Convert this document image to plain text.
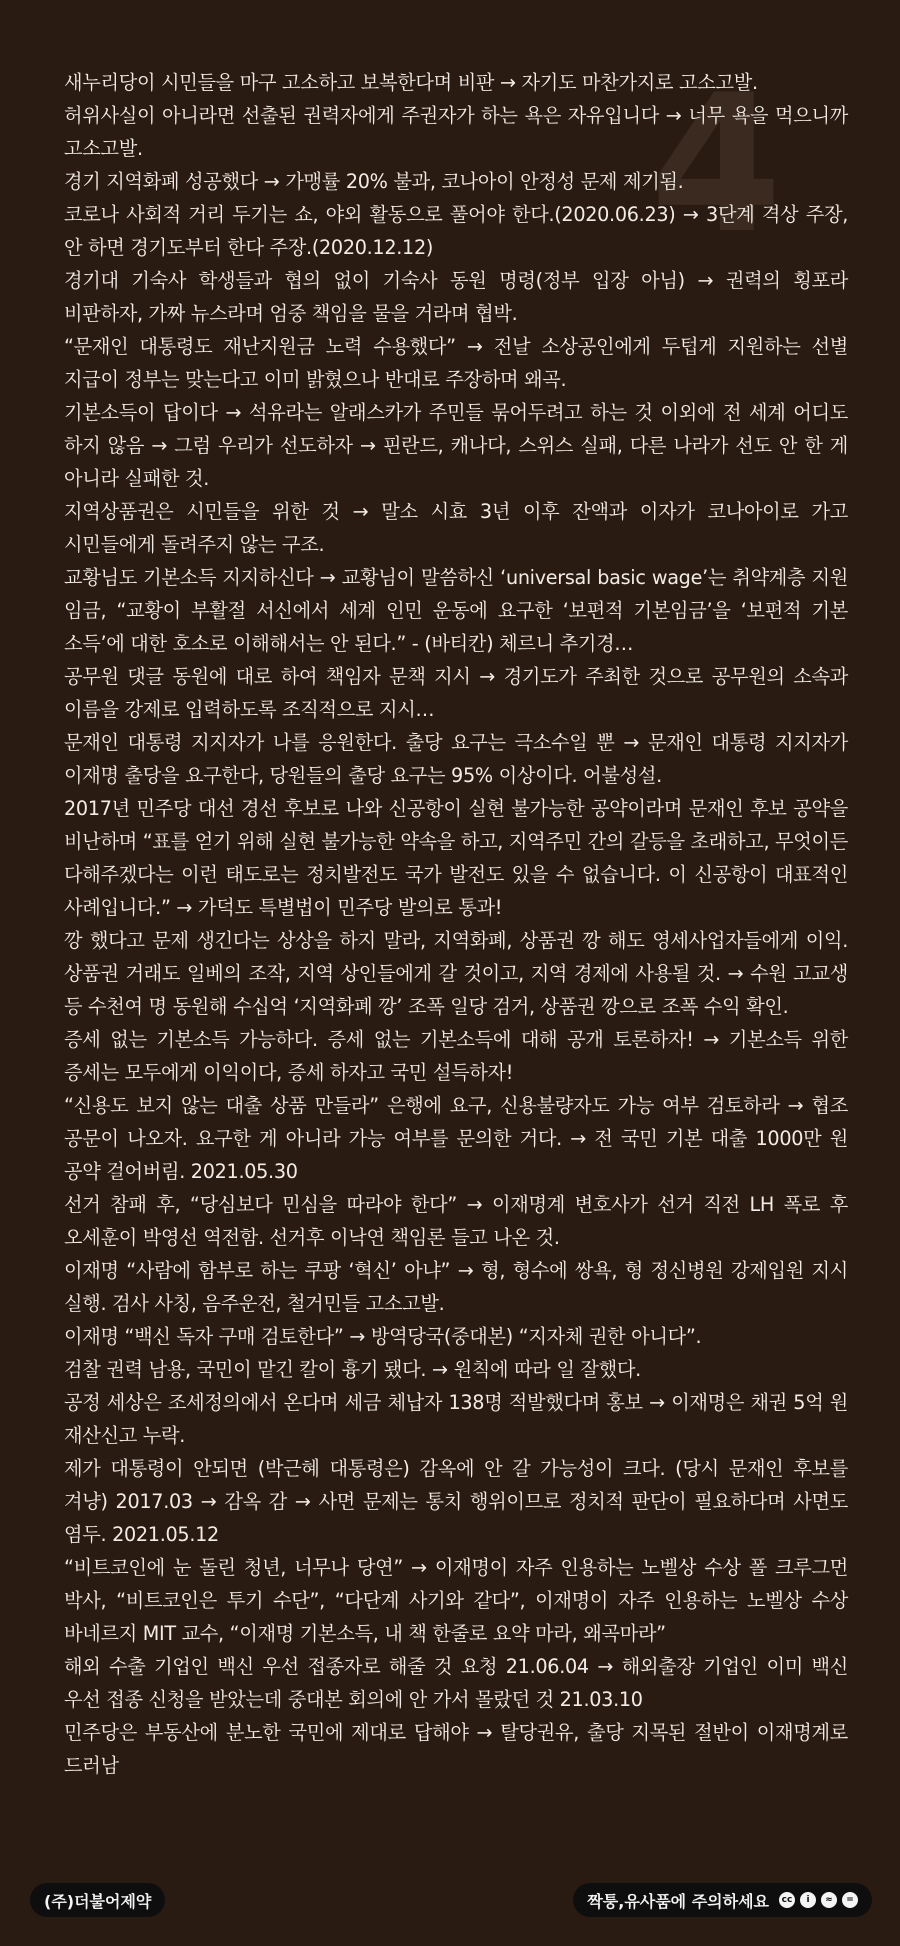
4

새누리당이 시민들을 마구 고소하고 보복한다며 비판 → 자기도 마찬가지로 고소고발.

허위사실이 아니라면 선출된 권력자에게 주권자가 하는 욕은 자유입니다 → 너무 욕을 먹으니까 고소고발.

경기 지역화폐 성공했다 → 가맹률 20% 불과, 코나아이 안정성 문제 제기됨.

코로나 사회적 거리 두기는 쇼, 야외 활동으로 풀어야 한다.(2020.06.23) → 3단계 격상 주장, 안 하면 경기도부터 한다 주장.(2020.12.12)

경기대 기숙사 학생들과 협의 없이 기숙사 동원 명령(정부 입장 아님) → 권력의 횡포라 비판하자, 가짜 뉴스라며 엄중 책임을 물을 거라며 협박.

“문재인 대통령도 재난지원금 노력 수용했다” → 전날 소상공인에게 두텁게 지원하는 선별 지급이 정부는 맞는다고 이미 밝혔으나 반대로 주장하며 왜곡.

기본소득이 답이다 → 석유라는 알래스카가 주민들 묶어두려고 하는 것 이외에 전 세계 어디도 하지 않음 → 그럼 우리가 선도하자 → 핀란드, 캐나다, 스위스 실패, 다른 나라가 선도 안 한 게 아니라 실패한 것.

지역상품권은 시민들을 위한 것 → 말소 시효 3년 이후 잔액과 이자가 코나아이로 가고 시민들에게 돌려주지 않는 구조.

교황님도 기본소득 지지하신다 → 교황님이 말씀하신 ‘universal basic wage’는 취약계층 지원 임금, “교황이 부활절 서신에서 세계 인민 운동에 요구한 ‘보편적 기본임금’을 ‘보편적 기본 소득’에 대한 호소로 이해해서는 안 된다.” - (바티칸) 체르니 추기경…

공무원 댓글 동원에 대로 하여 책임자 문책 지시 → 경기도가 주최한 것으로 공무원의 소속과 이름을 강제로 입력하도록 조직적으로 지시…

문재인 대통령 지지자가 나를 응원한다. 출당 요구는 극소수일 뿐 → 문재인 대통령 지지자가 이재명 출당을 요구한다, 당원들의 출당 요구는 95% 이상이다. 어불성설.

2017년 민주당 대선 경선 후보로 나와 신공항이 실현 불가능한 공약이라며 문재인 후보 공약을 비난하며 “표를 얻기 위해 실현 불가능한 약속을 하고, 지역주민 간의 갈등을 초래하고, 무엇이든 다해주겠다는 이런 태도로는 정치발전도 국가 발전도 있을 수 없습니다. 이 신공항이 대표적인 사례입니다.” → 가덕도 특별법이 민주당 발의로 통과!

깡 했다고 문제 생긴다는 상상을 하지 말라, 지역화폐, 상품권 깡 해도 영세사업자들에게 이익. 상품권 거래도 일베의 조작, 지역 상인들에게 갈 것이고, 지역 경제에 사용될 것. → 수원 고교생 등 수천여 명 동원해 수십억 ‘지역화폐 깡’ 조폭 일당 검거, 상품권 깡으로 조폭 수익 확인.

증세 없는 기본소득 가능하다. 증세 없는 기본소득에 대해 공개 토론하자! → 기본소득 위한 증세는 모두에게 이익이다, 증세 하자고 국민 설득하자!

“신용도 보지 않는 대출 상품 만들라” 은행에 요구, 신용불량자도 가능 여부 검토하라 → 협조 공문이 나오자. 요구한 게 아니라 가능 여부를 문의한 거다. → 전 국민 기본 대출 1000만 원 공약 걸어버림. 2021.05.30

선거 참패 후, “당심보다 민심을 따라야 한다” → 이재명계 변호사가 선거 직전 LH 폭로 후 오세훈이 박영선 역전함. 선거후 이낙연 책임론 들고 나온 것.

이재명 “사람에 함부로 하는 쿠팡 ‘혁신’ 아냐” → 형, 형수에 쌍욕, 형 정신병원 강제입원 지시 실행. 검사 사칭, 음주운전, 철거민들 고소고발.

이재명 “백신 독자 구매 검토한다” → 방역당국(중대본) “지자체 권한 아니다”.

검찰 권력 남용, 국민이 맡긴 칼이 흉기 됐다. → 원칙에 따라 일 잘했다.

공정 세상은 조세정의에서 온다며 세금 체납자 138명 적발했다며 홍보 → 이재명은 채권 5억 원 재산신고 누락.

제가 대통령이 안되면 (박근혜 대통령은) 감옥에 안 갈 가능성이 크다. (당시 문재인 후보를 겨냥) 2017.03 → 감옥 감 → 사면 문제는 통치 행위이므로 정치적 판단이 필요하다며 사면도 염두. 2021.05.12

“비트코인에 눈 돌린 청년, 너무나 당연” → 이재명이 자주 인용하는 노벨상 수상 폴 크루그먼 박사, “비트코인은 투기 수단”, “다단계 사기와 같다”, 이재명이 자주 인용하는 노벨상 수상 바네르지 MIT 교수, “이재명 기본소득, 내 책 한줄로 요약 마라, 왜곡마라”

해외 수출 기업인 백신 우선 접종자로 해줄 것 요청 21.06.04 → 해외출장 기업인 이미 백신 우선 접종 신청을 받았는데 중대본 회의에 안 가서 몰랐던 것 21.03.10

민주당은 부동산에 분노한 국민에 제대로 답해야 → 탈당권유, 출당 지목된 절반이 이재명계로 드러남

(주)더불어제약	짝퉁,유사품에 주의하세요 cc	i	≈	=
